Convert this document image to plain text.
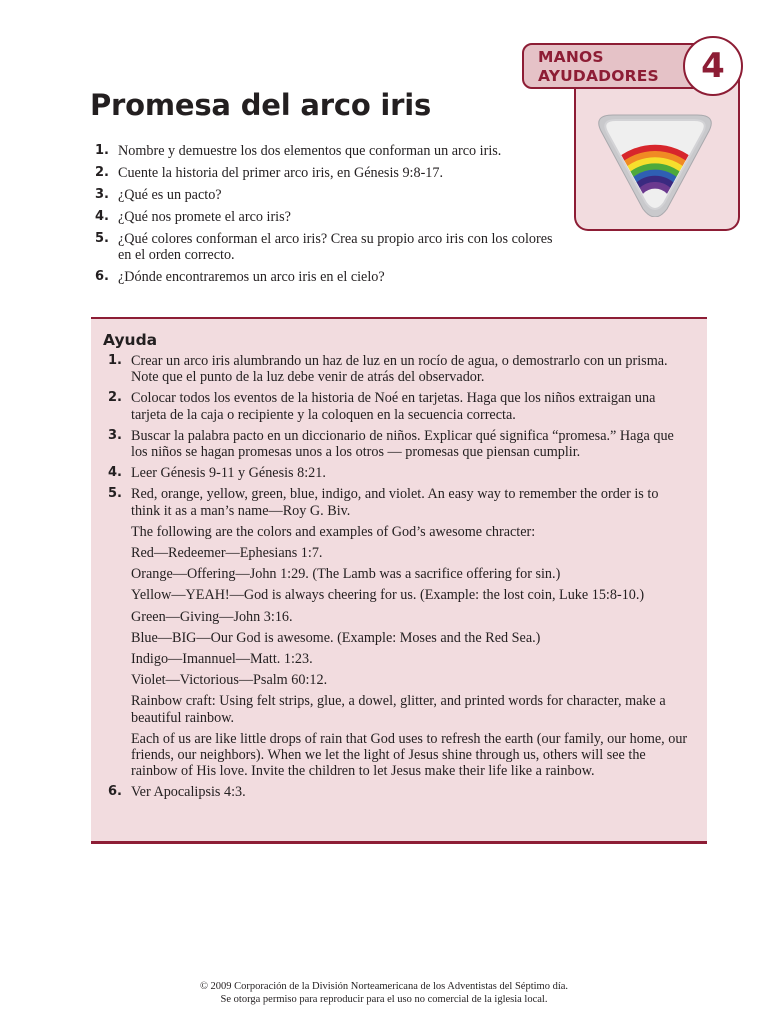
MANOS
AYUDADORES	4
Promesa del arco iris
1. Nombre y demuestre los dos elementos que conforman un arco iris.
2. Cuente la historia del primer arco iris, en Génesis 9:8-17.
3. ¿Qué es un pacto?
4. ¿Qué nos promete el arco iris?
5. ¿Qué colores conforman el arco iris? Crea su propio arco iris con los colores en el orden correcto.
6. ¿Dónde encontraremos un arco iris en el cielo?
Ayuda
1. Crear un arco iris alumbrando un haz de luz en un rocío de agua, o demostrarlo con un prisma. Note que el punto de la luz debe venir de atrás del observador.
2. Colocar todos los eventos de la historia de Noé en tarjetas. Haga que los niños extraigan una tarjeta de la caja o recipiente y la coloquen en la secuencia correcta.
3. Buscar la palabra pacto en un diccionario de niños. Explicar qué significa “promesa.” Haga que los niños se hagan promesas unos a los otros — promesas que piensan cumplir.
4. Leer Génesis 9-11 y Génesis 8:21.
5. Red, orange, yellow, green, blue, indigo, and violet. An easy way to remember the order is to think it as a man’s name—Roy G. Biv.

The following are the colors and examples of God’s awesome chracter:

Red—Redeemer—Ephesians 1:7.

Orange—Offering—John 1:29. (The Lamb was a sacrifice offering for sin.)

Yellow—YEAH!—God is always cheering for us. (Example: the lost coin, Luke 15:8-10.)

Green—Giving—John 3:16.

Blue—BIG—Our God is awesome. (Example: Moses and the Red Sea.)

Indigo—Imannuel—Matt. 1:23.

Violet—Victorious—Psalm 60:12.

Rainbow craft: Using felt strips, glue, a dowel, glitter, and printed words for character, make a beautiful rainbow.

Each of us are like little drops of rain that God uses to refresh the earth (our family, our home, our friends, our neighbors). When we let the light of Jesus shine through us, others will see the rainbow of His love. Invite the children to let Jesus make their life like a rainbow.

6. Ver Apocalipsis 4:3.
© 2009 Corporación de la División Norteamericana de los Adventistas del Séptimo día.
Se otorga permiso para reproducir para el uso no comercial de la iglesia local.
